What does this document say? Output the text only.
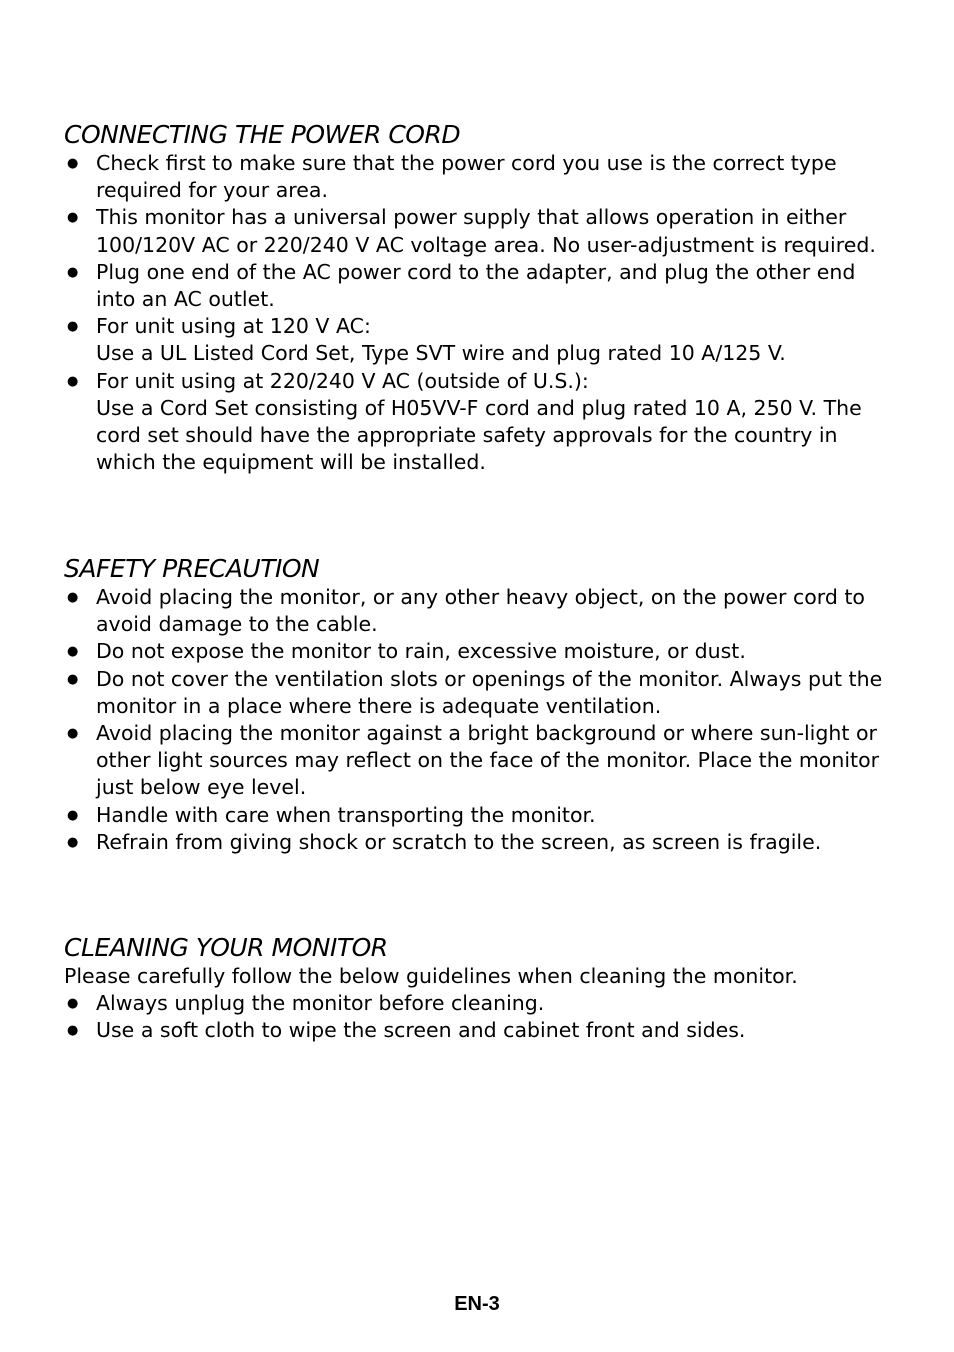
CONNECTING THE POWER CORD
● Check first to make sure that the power cord you use is the correct type required for your area.
● This monitor has a universal power supply that allows operation in either 100/120V AC or 220/240 V AC voltage area. No user-adjustment is required.
● Plug one end of the AC power cord to the adapter, and plug the other end into an AC outlet.
● For unit using at 120 V AC:
Use a UL Listed Cord Set, Type SVT wire and plug rated 10 A/125 V.
● For unit using at 220/240 V AC (outside of U.S.):
Use a Cord Set consisting of H05VV-F cord and plug rated 10 A, 250 V. The cord set should have the appropriate safety approvals for the country in which the equipment will be installed.
SAFETY PRECAUTION
● Avoid placing the monitor, or any other heavy object, on the power cord to avoid damage to the cable.
● Do not expose the monitor to rain, excessive moisture, or dust.
● Do not cover the ventilation slots or openings of the monitor. Always put the monitor in a place where there is adequate ventilation.
● Avoid placing the monitor against a bright background or where sun-light or other light sources may reflect on the face of the monitor. Place the monitor just below eye level.
● Handle with care when transporting the monitor.
● Refrain from giving shock or scratch to the screen, as screen is fragile.
CLEANING YOUR MONITOR

Please carefully follow the below guidelines when cleaning the monitor.

● Always unplug the monitor before cleaning.
● Use a soft cloth to wipe the screen and cabinet front and sides.
EN-3
